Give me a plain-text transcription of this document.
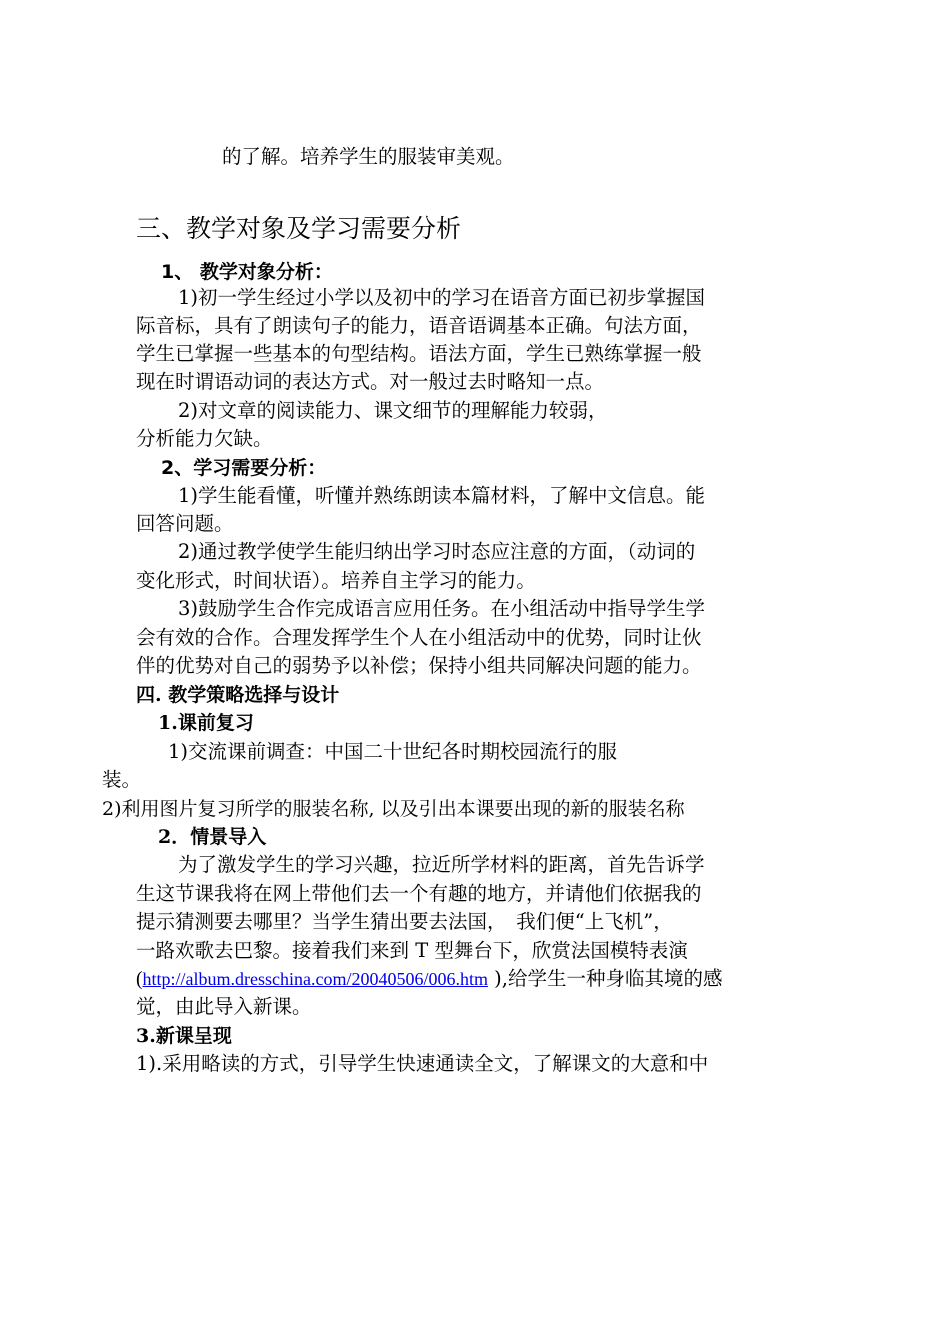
的了解。培养学生的服装审美观。
三、教学对象及学习需要分析
1、 教学对象分析：
1)初一学生经过小学以及初中的学习在语音方面已初步掌握国
际音标，具有了朗读句子的能力，语音语调基本正确。句法方面，
学生已掌握一些基本的句型结构。语法方面，学生已熟练掌握一般
现在时谓语动词的表达方式。对一般过去时略知一点。
2)对文章的阅读能力、课文细节的理解能力较弱，
分析能力欠缺。
2、学习需要分析：
1)学生能看懂，听懂并熟练朗读本篇材料，了解中文信息。能
回答问题。
2)通过教学使学生能归纳出学习时态应注意的方面，（动词的
变化形式，时间状语）。培养自主学习的能力。
3)鼓励学生合作完成语言应用任务。在小组活动中指导学生学
会有效的合作。合理发挥学生个人在小组活动中的优势，同时让伙
伴的优势对自己的弱势予以补偿；保持小组共同解决问题的能力。
四. 教学策略选择与设计
1.课前复习
1)交流课前调查：中国二十世纪各时期校园流行的服
装。
2)利用图片复习所学的服装名称, 以及引出本课要出现的新的服装名称
2．情景导入
为了激发学生的学习兴趣，拉近所学材料的距离，首先告诉学
生这节课我将在网上带他们去一个有趣的地方，并请他们依据我的
提示猜测要去哪里？当学生猜出要去法国，　我们便“上飞机”，
一路欢歌去巴黎。接着我们来到 T 型舞台下，欣赏法国模特表演
(http://album.dresschina.com/20040506/006.htm ),给学生一种身临其境的感
觉，由此导入新课。
3.新课呈现
1).采用略读的方式，引导学生快速通读全文，了解课文的大意和中
